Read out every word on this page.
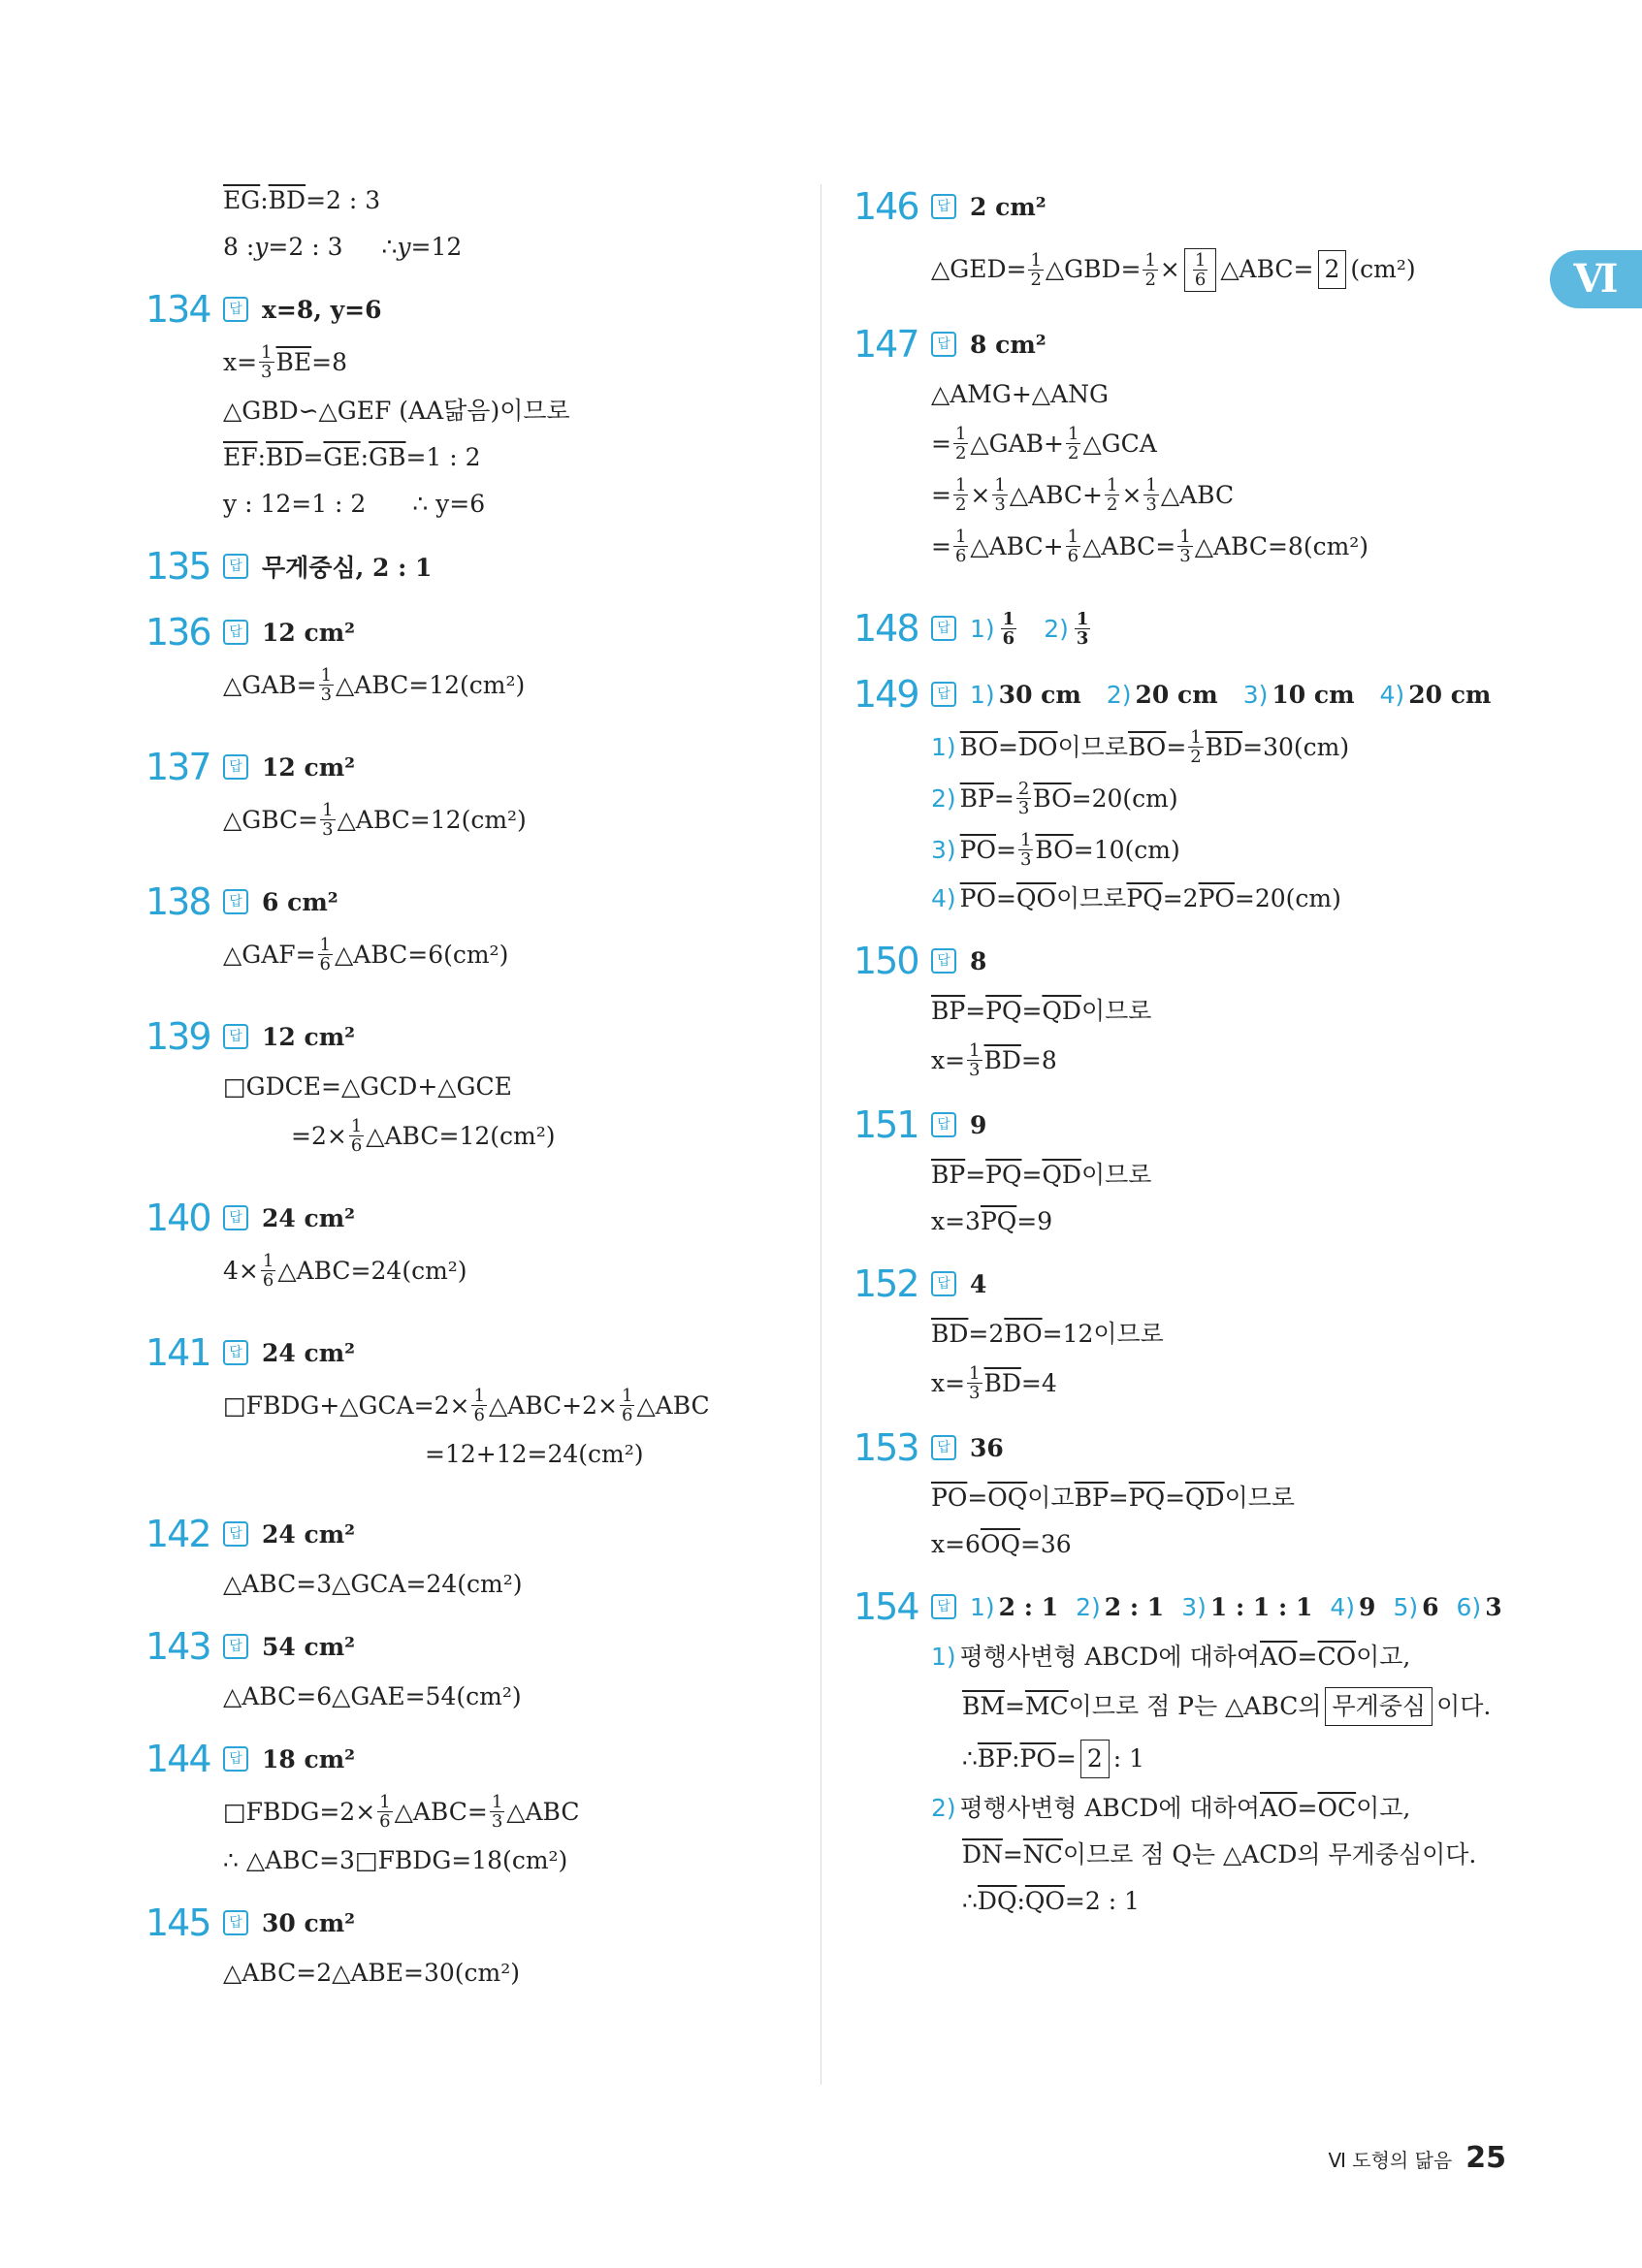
Ⅵ
$\overline{EG}$ : $\overline{BD} =2$ : 3
8 : y =2 : 3 ∴ y =12
134	답 x=8, y=6
$x= \frac{1}{3} \overline{BE} =8$
△GBD∽△GEF (AA닮음)이므로
$\overline{EF}$ : $\overline{BD} = \overline{GE}$ : $\overline{GB} =1$ : 2
y : 12=1 : 2 ∴ y=6
135	답 무게중심, 2 : 1
136	답 12 cm²
△GAB= $\frac{1}{3}$ △ABC=12(cm²)
137	답 12 cm²
△GBC= $\frac{1}{3}$ △ABC=12(cm²)
138	답 6 cm²
△GAF= $\frac{1}{6}$ △ABC=6(cm²)
139	답 12 cm²
□GDCE=△GCD+△GCE
$=2\times \frac{1}{6}$ △ABC=12(cm²)
140	답 24 cm²
$4\times \frac{1}{6}$ △ABC=24(cm²)
141	답 24 cm²
□FBDG+△GCA=2× $\frac{1}{6}$ △ABC+2× $\frac{1}{6}$ △ABC
=12+12=24(cm²)
142	답 24 cm²
△ABC=3△GCA=24(cm²)
143	답 54 cm²
△ABC=6△GAE=54(cm²)
144	답 18 cm²
□FBDG=2× $\frac{1}{6}$ △ABC= $\frac{1}{3}$ △ABC
∴ △ABC=3□FBDG=18(cm²)
145	답 30 cm²
△ABC=2△ABE=30(cm²)
146	답 2 cm²
△GED= $\frac{1}{2}$ △GBD= $\frac{1}{2} \times \frac{1}{6}$ △ABC= 2 (cm²)
147	답 8 cm²
△AMG+△ANG
= $\frac{1}{2}$ △GAB+ $\frac{1}{2}$ △GCA
= $\frac{1}{2} \times \frac{1}{3}$ △ABC+ $\frac{1}{2} \times \frac{1}{3}$ △ABC
= $\frac{1}{6}$ △ABC+ $\frac{1}{6}$ △ABC= $\frac{1}{3}$ △ABC=8(cm²)
148	답 $1) \frac{1}{6} 2) \frac{1}{3}$
149	답 1) 30 cm 2) 20 cm 3) 10 cm 4) 20 cm
1) $\overline{BO} = \overline{DO}$ 이므로 $\overline{BO} = \frac{1}{2} \overline{BD} =30(cm)$
2) $\overline{BP} = \frac{2}{3} \overline{BO} =20(cm)$
3) $\overline{PO} = \frac{1}{3} \overline{BO} =10(cm)$
4) $\overline{PO} = \overline{QO}$ 이므로 $\overline{PQ} =2$ $\overline{PO} =20(cm)$
150	답 8
$\overline{BP} = \overline{PQ} = \overline{QD}$ 이므로
$x= \frac{1}{3} \overline{BD} =8$
151	답 9
$\overline{BP} = \overline{PQ} = \overline{QD}$ 이므로
x=3 $\overline{PQ} =9$
152	답 4
$\overline{BD} =2$ $\overline{BO} =12$이므로
$x= \frac{1}{3} \overline{BD} =4$
153	답 36
$\overline{PO} = \overline{OQ}$ 이고 $\overline{BP} = \overline{PQ} = \overline{QD}$ 이므로
x=6 $\overline{OQ} =36$
154	답 1) 2 : 1 2) 2 : 1 3) 1 : 1 : 1 4) 9 5) 6 6) 3
1) 평행사변형 ABCD에 대하여 $\overline{AO} = \overline{CO}$ 이고,
$\overline{BM} = \overline{MC}$ 이므로 점 P는 △ABC의 무게중심 이다.
∴ $\overline{BP}$ : $\overline{PO} = 2$ : 1
2) 평행사변형 ABCD에 대하여 $\overline{AO} = \overline{OC}$ 이고,
$\overline{DN} = \overline{NC}$ 이므로 점 Q는 △ACD의 무게중심이다.
∴ $\overline{DQ}$ : $\overline{QO} =2$ : 1
Ⅵ 도형의 닮음 25
